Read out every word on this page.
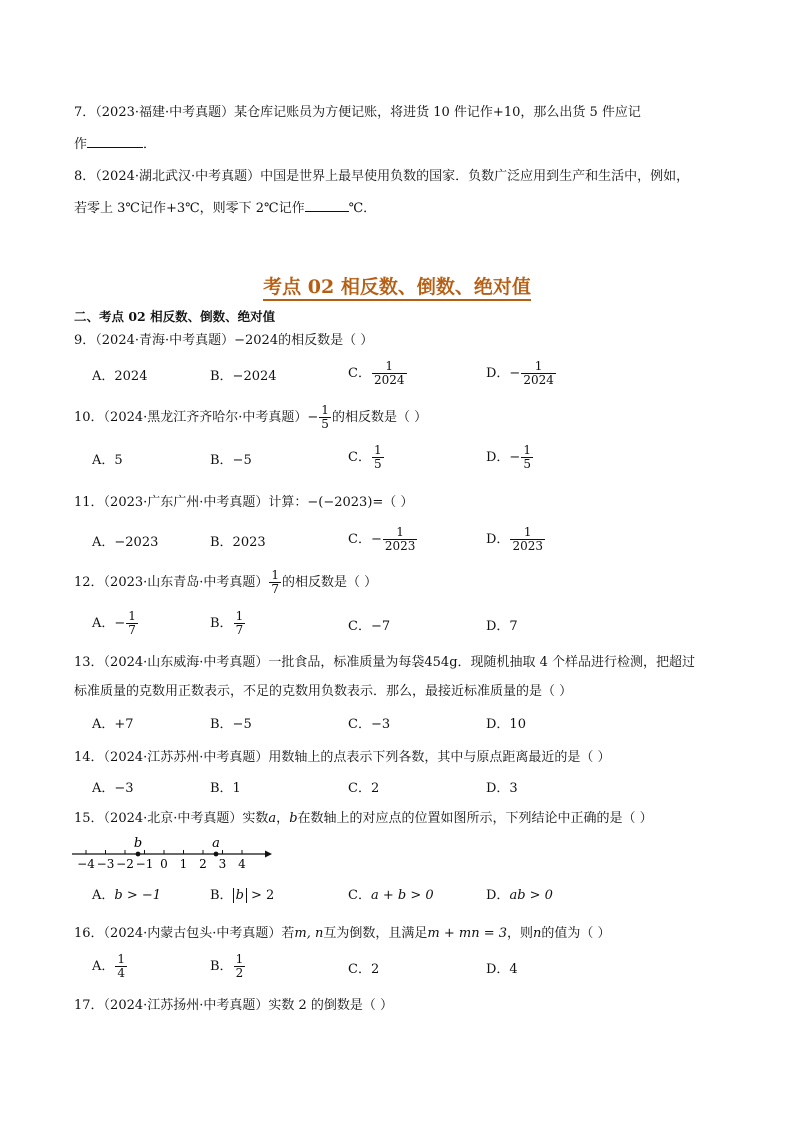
7．（2023·福建·中考真题）某仓库记账员为方便记账，将进货 10 件记作+10，那么出货 5 件应记
作	．
8．（2024·湖北武汉·中考真题）中国是世界上最早使用负数的国家．负数广泛应用到生产和生活中，例如，
若零上 3℃记作+3℃，则零下 2℃记作	℃．
考点 02 相反数、倒数、绝对值
二、考点 02 相反数、倒数、绝对值
9．（2024·青海·中考真题）−2024的相反数是（ ）
A．2024	B．−2024	C． $\frac{1}{2024}$	D．− $\frac{1}{2024}$
10．（2024·黑龙江齐齐哈尔·中考真题）− $\frac{1}{5}$ 的相反数是（ ）
A．5	B．−5	C． $\frac{1}{5}$	D．− $\frac{1}{5}$
11．（2023·广东广州·中考真题）计算：−(−2023)=（ ）
A．−2023	B．2023	C．− $\frac{1}{2023}$	D． $\frac{1}{2023}$
12．（2023·山东青岛·中考真题） $\frac{1}{7}$ 的相反数是（ ）
A．− $\frac{1}{7}$	B． $\frac{1}{7}$	C．−7	D．7
13．（2024·山东威海·中考真题）一批食品，标准质量为每袋454g．现随机抽取 4 个样品进行检测，把超过
标准质量的克数用正数表示，不足的克数用负数表示．那么，最接近标准质量的是（ ）
A．+7	B．−5	C．−3	D．10
14．（2024·江苏苏州·中考真题）用数轴上的点表示下列各数，其中与原点距离最近的是（ ）
A．−3	B．1	C．2	D．3
15．（2024·北京·中考真题）实数a，b在数轴上的对应点的位置如图所示，下列结论中正确的是（ ）
b	a
−4 −3 −2 −1 0 1 2 3 4
A．b > −1	B． b > 2	C．a + b > 0	D．ab > 0
16．（2024·内蒙古包头·中考真题）若m, n互为倒数，且满足m + mn = 3，则n的值为（ ）
A． $\frac{1}{4}$	B． $\frac{1}{2}$	C．2	D．4
17．（2024·江苏扬州·中考真题）实数 2 的倒数是（ ）
